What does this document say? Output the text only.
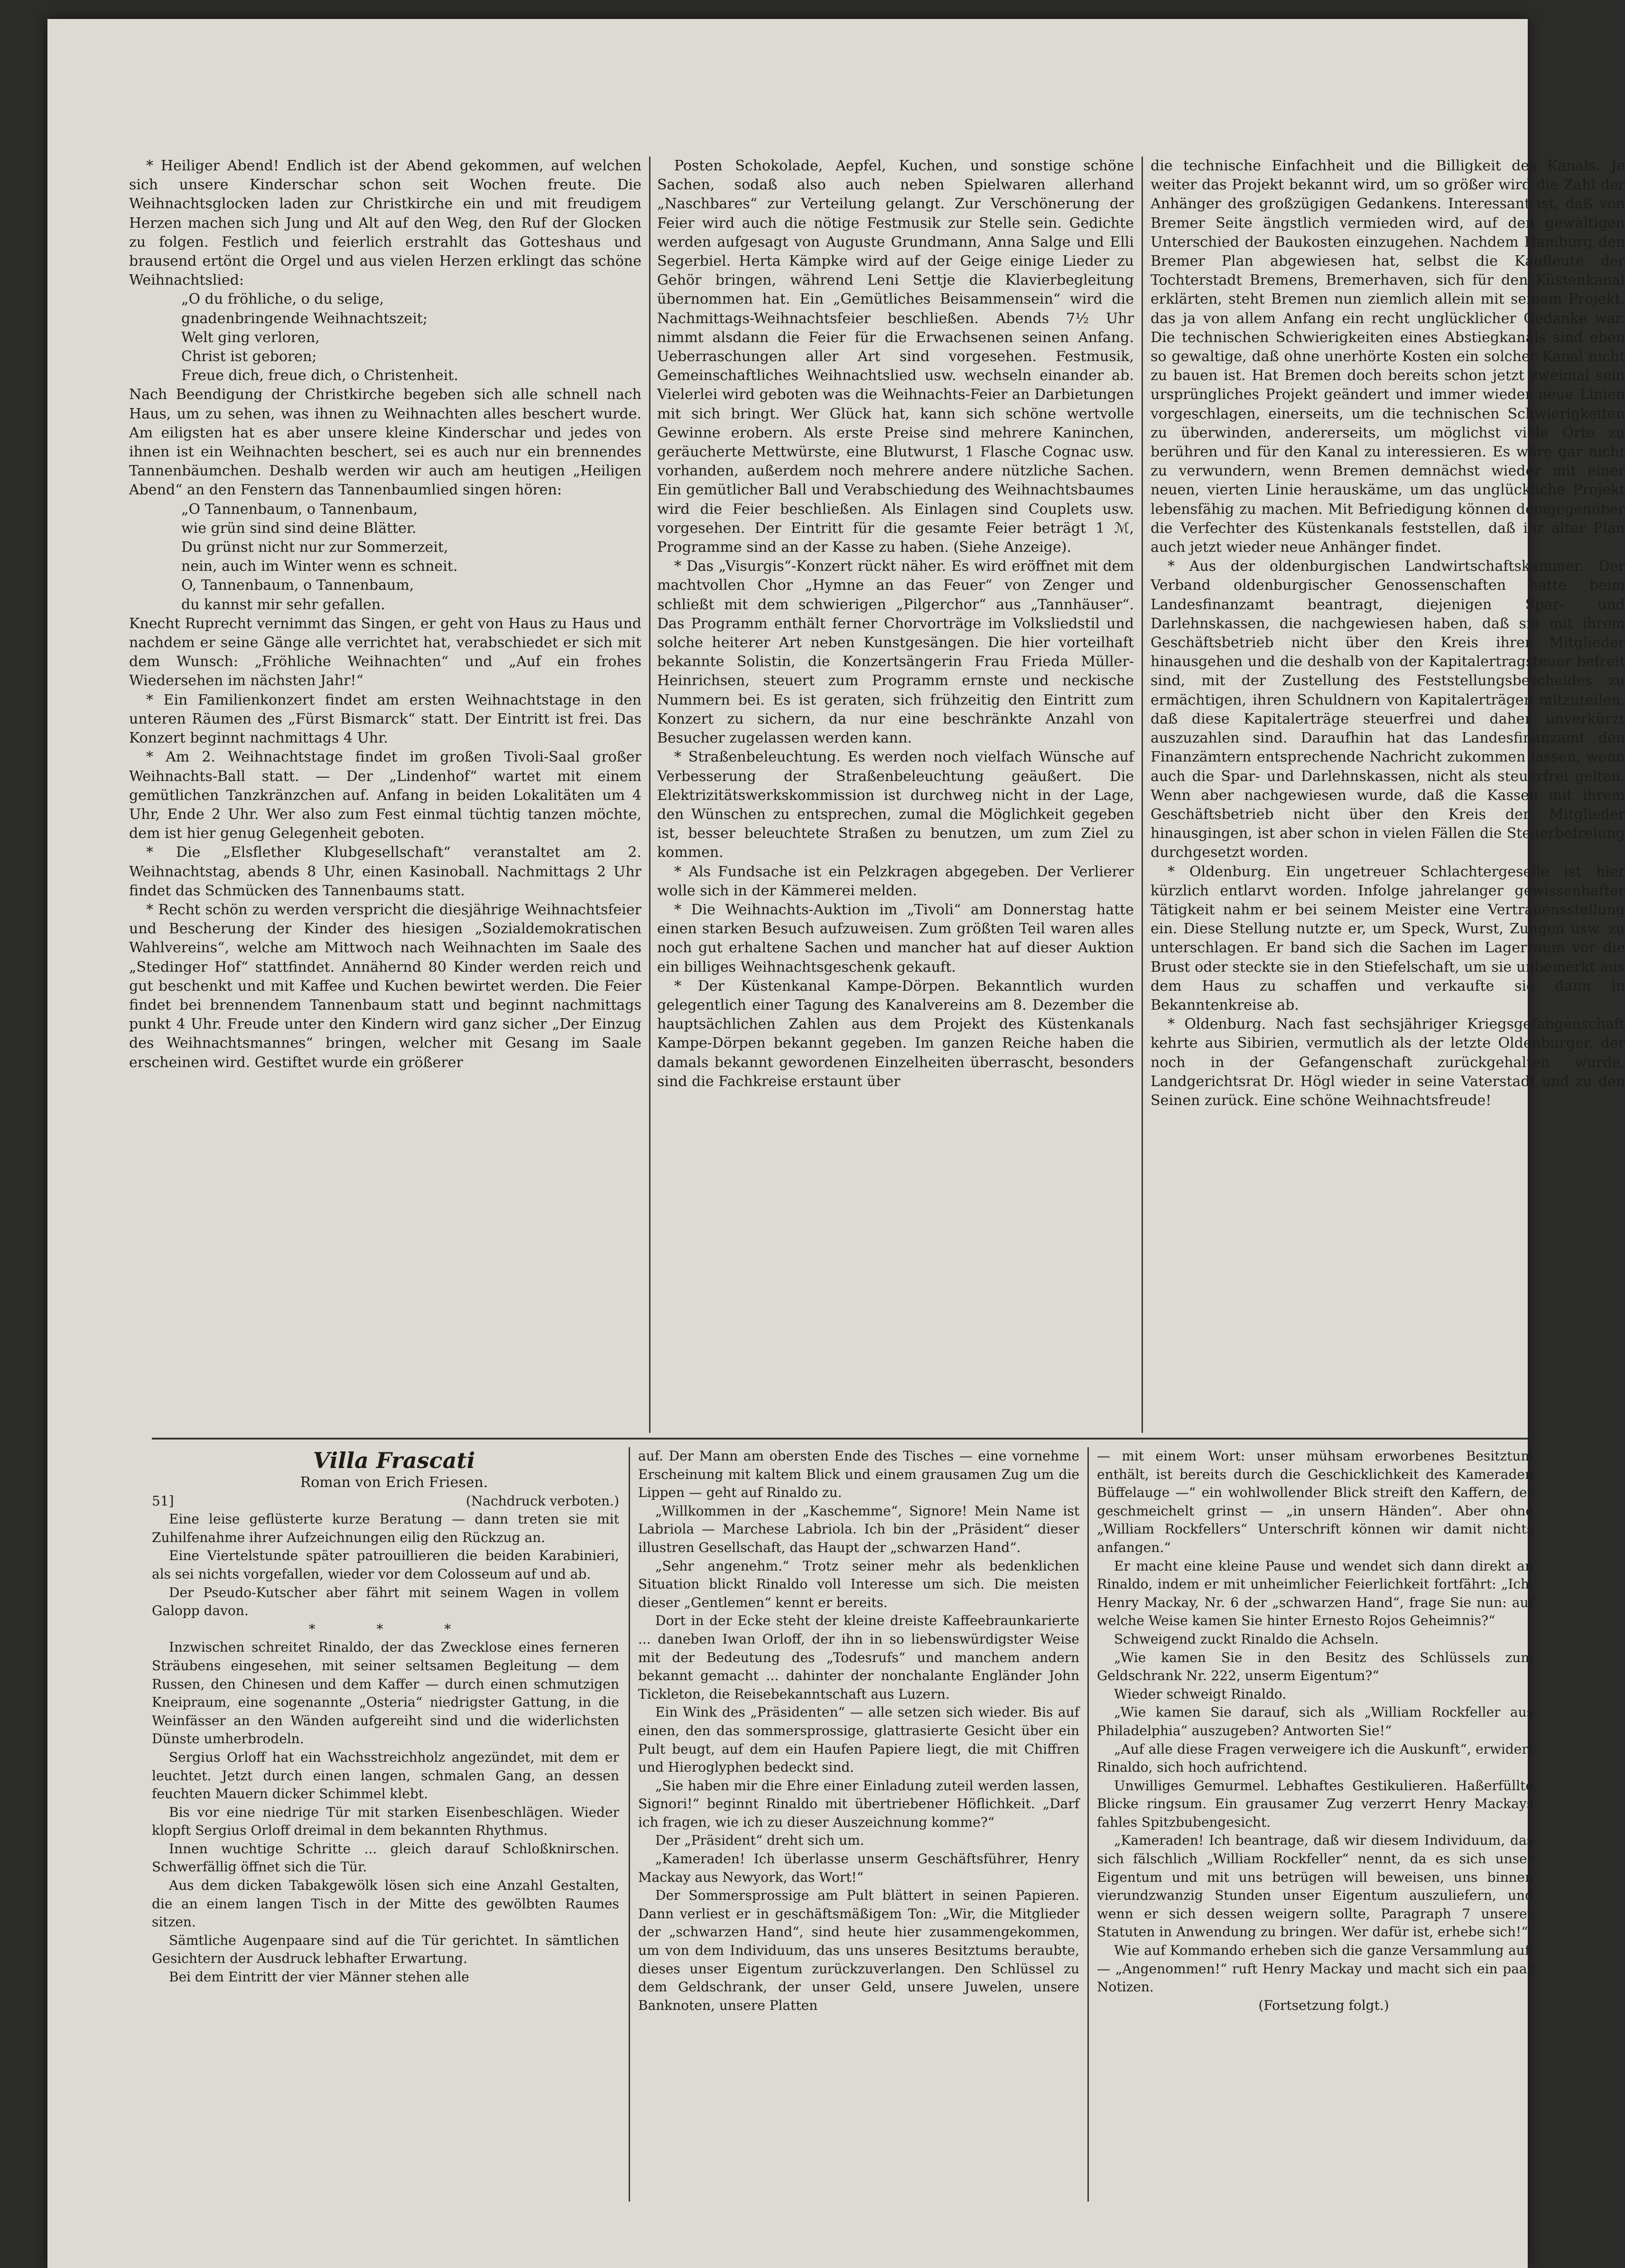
* Heiliger Abend! Endlich ist der Abend gekommen, auf welchen sich unsere Kinderschar schon seit Wochen freute. Die Weihnachtsglocken laden zur Christkirche ein und mit freudigem Herzen machen sich Jung und Alt auf den Weg, den Ruf der Glocken zu folgen. Festlich und feierlich erstrahlt das Gotteshaus und brausend ertönt die Orgel und aus vielen Herzen erklingt das schöne Weihnachtslied:

„O du fröhliche, o du selige,

gnadenbringende Weihnachtszeit;

Welt ging verloren,

Christ ist geboren;

Freue dich, freue dich, o Christenheit.

Nach Beendigung der Christkirche begeben sich alle schnell nach Haus, um zu sehen, was ihnen zu Weihnachten alles beschert wurde. Am eiligsten hat es aber unsere kleine Kinderschar und jedes von ihnen ist ein Weihnachten beschert, sei es auch nur ein brennendes Tannenbäumchen. Deshalb werden wir auch am heutigen „Heiligen Abend“ an den Fenstern das Tannenbaumlied singen hören:

„O Tannenbaum, o Tannenbaum,

wie grün sind sind deine Blätter.

Du grünst nicht nur zur Sommerzeit,

nein, auch im Winter wenn es schneit.

O, Tannenbaum, o Tannenbaum,

du kannst mir sehr gefallen.

Knecht Ruprecht vernimmt das Singen, er geht von Haus zu Haus und nachdem er seine Gänge alle verrichtet hat, verabschiedet er sich mit dem Wunsch: „Fröhliche Weihnachten“ und „Auf ein frohes Wiedersehen im nächsten Jahr!“

* Ein Familienkonzert findet am ersten Weihnachtstage in den unteren Räumen des „Fürst Bismarck“ statt. Der Eintritt ist frei. Das Konzert beginnt nachmittags 4 Uhr.

* Am 2. Weihnachtstage findet im großen Tivoli-Saal großer Weihnachts-Ball statt. — Der „Lindenhof“ wartet mit einem gemütlichen Tanzkränzchen auf. Anfang in beiden Lokalitäten um 4 Uhr, Ende 2 Uhr. Wer also zum Fest einmal tüchtig tanzen möchte, dem ist hier genug Gelegenheit geboten.

* Die „Elsflether Klubgesellschaft“ veranstaltet am 2. Weihnachtstag, abends 8 Uhr, einen Kasinoball. Nachmittags 2 Uhr findet das Schmücken des Tannenbaums statt.

* Recht schön zu werden verspricht die diesjährige Weihnachtsfeier und Bescherung der Kinder des hiesigen „Sozialdemokratischen Wahlvereins“, welche am Mittwoch nach Weihnachten im Saale des „Stedinger Hof“ stattfindet. Annähernd 80 Kinder werden reich und gut beschenkt und mit Kaffee und Kuchen bewirtet werden. Die Feier findet bei brennendem Tannenbaum statt und beginnt nachmittags punkt 4 Uhr. Freude unter den Kindern wird ganz sicher „Der Einzug des Weihnachtsmannes“ bringen, welcher mit Gesang im Saale erscheinen wird. Gestiftet wurde ein größerer

Posten Schokolade, Aepfel, Kuchen, und sonstige schöne Sachen, sodaß also auch neben Spielwaren allerhand „Naschbares“ zur Verteilung gelangt. Zur Verschönerung der Feier wird auch die nötige Festmusik zur Stelle sein. Gedichte werden aufgesagt von Auguste Grundmann, Anna Salge und Elli Segerbiel. Herta Kämpke wird auf der Geige einige Lieder zu Gehör bringen, während Leni Settje die Klavierbegleitung übernommen hat. Ein „Gemütliches Beisammensein“ wird die Nachmittags-Weihnachtsfeier beschließen. Abends 7½ Uhr nimmt alsdann die Feier für die Erwachsenen seinen Anfang. Ueberraschungen aller Art sind vorgesehen. Festmusik, Gemeinschaftliches Weihnachtslied usw. wechseln einander ab. Vielerlei wird geboten was die Weihnachts-Feier an Darbietungen mit sich bringt. Wer Glück hat, kann sich schöne wertvolle Gewinne erobern. Als erste Preise sind mehrere Kaninchen, geräucherte Mettwürste, eine Blutwurst, 1 Flasche Cognac usw. vorhanden, außerdem noch mehrere andere nützliche Sachen. Ein gemütlicher Ball und Verabschiedung des Weihnachtsbaumes wird die Feier beschließen. Als Einlagen sind Couplets usw. vorgesehen. Der Eintritt für die gesamte Feier beträgt 1 ℳ, Programme sind an der Kasse zu haben. (Siehe Anzeige).

* Das „Visurgis“-Konzert rückt näher. Es wird eröffnet mit dem machtvollen Chor „Hymne an das Feuer“ von Zenger und schließt mit dem schwierigen „Pilgerchor“ aus „Tannhäuser“. Das Programm enthält ferner Chorvorträge im Volksliedstil und solche heiterer Art neben Kunstgesängen. Die hier vorteilhaft bekannte Solistin, die Konzertsängerin Frau Frieda Müller-Heinrichsen, steuert zum Programm ernste und neckische Nummern bei. Es ist geraten, sich frühzeitig den Eintritt zum Konzert zu sichern, da nur eine beschränkte Anzahl von Besucher zugelassen werden kann.

* Straßenbeleuchtung. Es werden noch vielfach Wünsche auf Verbesserung der Straßenbeleuchtung geäußert. Die Elektrizitätswerkskommission ist durchweg nicht in der Lage, den Wünschen zu entsprechen, zumal die Möglichkeit gegeben ist, besser beleuchtete Straßen zu benutzen, um zum Ziel zu kommen.

* Als Fundsache ist ein Pelzkragen abgegeben. Der Verlierer wolle sich in der Kämmerei melden.

* Die Weihnachts-Auktion im „Tivoli“ am Donnerstag hatte einen starken Besuch aufzuweisen. Zum größten Teil waren alles noch gut erhaltene Sachen und mancher hat auf dieser Auktion ein billiges Weihnachtsgeschenk gekauft.

* Der Küstenkanal Kampe-Dörpen. Bekanntlich wurden gelegentlich einer Tagung des Kanalvereins am 8. Dezember die hauptsächlichen Zahlen aus dem Projekt des Küstenkanals Kampe-Dörpen bekannt gegeben. Im ganzen Reiche haben die damals bekannt gewordenen Einzelheiten überrascht, besonders sind die Fachkreise erstaunt über

die technische Einfachheit und die Billigkeit des Kanals. Je weiter das Projekt bekannt wird, um so größer wird die Zahl der Anhänger des großzügigen Gedankens. Interessant ist, daß von Bremer Seite ängstlich vermieden wird, auf den gewaltigen Unterschied der Baukosten einzugehen. Nachdem Hamburg den Bremer Plan abgewiesen hat, selbst die Kaufleute der Tochterstadt Bremens, Bremerhaven, sich für den Küstenkanal erklärten, steht Bremen nun ziemlich allein mit seinem Projekt, das ja von allem Anfang ein recht unglücklicher Gedanke war. Die technischen Schwierigkeiten eines Abstiegkanals sind eben so gewaltige, daß ohne unerhörte Kosten ein solcher Kanal nicht zu bauen ist. Hat Bremen doch bereits schon jetzt zweimal sein ursprüngliches Projekt geändert und immer wieder neue Linien vorgeschlagen, einerseits, um die technischen Schwierigkeiten zu überwinden, andererseits, um möglichst viele Orte zu berühren und für den Kanal zu interessieren. Es wäre gar nicht zu verwundern, wenn Bremen demnächst wieder mit einer neuen, vierten Linie herauskäme, um das unglückliche Projekt lebensfähig zu machen. Mit Befriedigung können demgegenüber die Verfechter des Küstenkanals feststellen, daß ihr alter Plan auch jetzt wieder neue Anhänger findet.

* Aus der oldenburgischen Landwirtschaftskammer. Der Verband oldenburgischer Genossenschaften hatte beim Landesfinanzamt beantragt, diejenigen Spar- und Darlehnskassen, die nachgewiesen haben, daß sie mit ihrem Geschäftsbetrieb nicht über den Kreis ihrer Mitglieder hinausgehen und die deshalb von der Kapitalertragsteuer befreit sind, mit der Zustellung des Feststellungsbescheides zu ermächtigen, ihren Schuldnern von Kapitalerträgen mitzuteilen, daß diese Kapitalerträge steuerfrei und daher unverkürzt auszuzahlen sind. Daraufhin hat das Landesfinanzamt den Finanzämtern entsprechende Nachricht zukommen lassen, wenn auch die Spar- und Darlehnskassen, nicht als steuerfrei gelten. Wenn aber nachgewiesen wurde, daß die Kassen mit ihrem Geschäftsbetrieb nicht über den Kreis der Mitglieder hinausgingen, ist aber schon in vielen Fällen die Steuerbefreiung durchgesetzt worden.

* Oldenburg. Ein ungetreuer Schlachtergeselle ist hier kürzlich entlarvt worden. Infolge jahrelanger gewissenhafter Tätigkeit nahm er bei seinem Meister eine Vertrauensstellung ein. Diese Stellung nutzte er, um Speck, Wurst, Zungen usw. zu unterschlagen. Er band sich die Sachen im Lagerraum vor die Brust oder steckte sie in den Stiefelschaft, um sie unbemerkt aus dem Haus zu schaffen und verkaufte sie dann in Bekanntenkreise ab.

* Oldenburg. Nach fast sechsjähriger Kriegsgefangenschaft kehrte aus Sibirien, vermutlich als der letzte Oldenburger, der noch in der Gefangenschaft zurückgehalten wurde, Landgerichtsrat Dr. Högl wieder in seine Vaterstadt und zu den Seinen zurück. Eine schöne Weihnachtsfreude!

Villa Frascati

Roman von Erich Friesen.

51]	(Nachdruck verboten.)

Eine leise geflüsterte kurze Beratung — dann treten sie mit Zuhilfenahme ihrer Aufzeichnungen eilig den Rückzug an.

Eine Viertelstunde später patrouillieren die beiden Karabinieri, als sei nichts vorgefallen, wieder vor dem Colosseum auf und ab.

Der Pseudo-Kutscher aber fährt mit seinem Wagen in vollem Galopp davon.

* * *

Inzwischen schreitet Rinaldo, der das Zwecklose eines ferneren Sträubens eingesehen, mit seiner seltsamen Begleitung — dem Russen, den Chinesen und dem Kaffer — durch einen schmutzigen Kneipraum, eine sogenannte „Osteria“ niedrigster Gattung, in die Weinfässer an den Wänden aufgereiht sind und die widerlichsten Dünste umherbrodeln.

Sergius Orloff hat ein Wachsstreichholz angezündet, mit dem er leuchtet. Jetzt durch einen langen, schmalen Gang, an dessen feuchten Mauern dicker Schimmel klebt.

Bis vor eine niedrige Tür mit starken Eisenbeschlägen. Wieder klopft Sergius Orloff dreimal in dem bekannten Rhythmus.

Innen wuchtige Schritte ... gleich darauf Schloßknirschen. Schwerfällig öffnet sich die Tür.

Aus dem dicken Tabakgewölk lösen sich eine Anzahl Gestalten, die an einem langen Tisch in der Mitte des gewölbten Raumes sitzen.

Sämtliche Augenpaare sind auf die Tür gerichtet. In sämtlichen Gesichtern der Ausdruck lebhafter Erwartung.

Bei dem Eintritt der vier Männer stehen alle

auf. Der Mann am obersten Ende des Tisches — eine vornehme Erscheinung mit kaltem Blick und einem grausamen Zug um die Lippen — geht auf Rinaldo zu.

„Willkommen in der „Kaschemme“, Signore! Mein Name ist Labriola — Marchese Labriola. Ich bin der „Präsident“ dieser illustren Gesellschaft, das Haupt der „schwarzen Hand“.

„Sehr angenehm.“ Trotz seiner mehr als bedenklichen Situation blickt Rinaldo voll Interesse um sich. Die meisten dieser „Gentlemen“ kennt er bereits.

Dort in der Ecke steht der kleine dreiste Kaffeebraunkarierte ... daneben Iwan Orloff, der ihn in so liebenswürdigster Weise mit der Bedeutung des „Todesrufs“ und manchem andern bekannt gemacht ... dahinter der nonchalante Engländer John Tickleton, die Reisebekanntschaft aus Luzern.

Ein Wink des „Präsidenten“ — alle setzen sich wieder. Bis auf einen, den das sommersprossige, glattrasierte Gesicht über ein Pult beugt, auf dem ein Haufen Papiere liegt, die mit Chiffren und Hieroglyphen bedeckt sind.

„Sie haben mir die Ehre einer Einladung zuteil werden lassen, Signori!“ beginnt Rinaldo mit übertriebener Höflichkeit. „Darf ich fragen, wie ich zu dieser Auszeichnung komme?“

Der „Präsident“ dreht sich um.

„Kameraden! Ich überlasse unserm Geschäftsführer, Henry Mackay aus Newyork, das Wort!“

Der Sommersprossige am Pult blättert in seinen Papieren. Dann verliest er in geschäftsmäßigem Ton: „Wir, die Mitglieder der „schwarzen Hand“, sind heute hier zusammengekommen, um von dem Individuum, das uns unseres Besitztums beraubte, dieses unser Eigentum zurückzuverlangen. Den Schlüssel zu dem Geldschrank, der unser Geld, unsere Juwelen, unsere Banknoten, unsere Platten

— mit einem Wort: unser mühsam erworbenes Besitztum enthält, ist bereits durch die Geschicklichkeit des Kameraden Büffelauge —“ ein wohlwollender Blick streift den Kaffern, der geschmeichelt grinst — „in unsern Händen“. Aber ohne „William Rockfellers“ Unterschrift können wir damit nichts anfangen.“

Er macht eine kleine Pause und wendet sich dann direkt an Rinaldo, indem er mit unheimlicher Feierlichkeit fortfährt: „Ich, Henry Mackay, Nr. 6 der „schwarzen Hand“, frage Sie nun: auf welche Weise kamen Sie hinter Ernesto Rojos Geheimnis?“

Schweigend zuckt Rinaldo die Achseln.

„Wie kamen Sie in den Besitz des Schlüssels zum Geldschrank Nr. 222, unserm Eigentum?“

Wieder schweigt Rinaldo.

„Wie kamen Sie darauf, sich als „William Rockfeller aus Philadelphia“ auszugeben? Antworten Sie!“

„Auf alle diese Fragen verweigere ich die Auskunft“, erwidert Rinaldo, sich hoch aufrichtend.

Unwilliges Gemurmel. Lebhaftes Gestikulieren. Haßerfüllte Blicke ringsum. Ein grausamer Zug verzerrt Henry Mackays fahles Spitzbubengesicht.

„Kameraden! Ich beantrage, daß wir diesem Individuum, das sich fälschlich „William Rockfeller“ nennt, da es sich unser Eigentum und mit uns betrügen will beweisen, uns binnen vierundzwanzig Stunden unser Eigentum auszuliefern, und wenn er sich dessen weigern sollte, Paragraph 7 unserer Statuten in Anwendung zu bringen. Wer dafür ist, erhebe sich!“

Wie auf Kommando erheben sich die ganze Versammlung auf. — „Angenommen!“ ruft Henry Mackay und macht sich ein paar Notizen.

(Fortsetzung folgt.)
